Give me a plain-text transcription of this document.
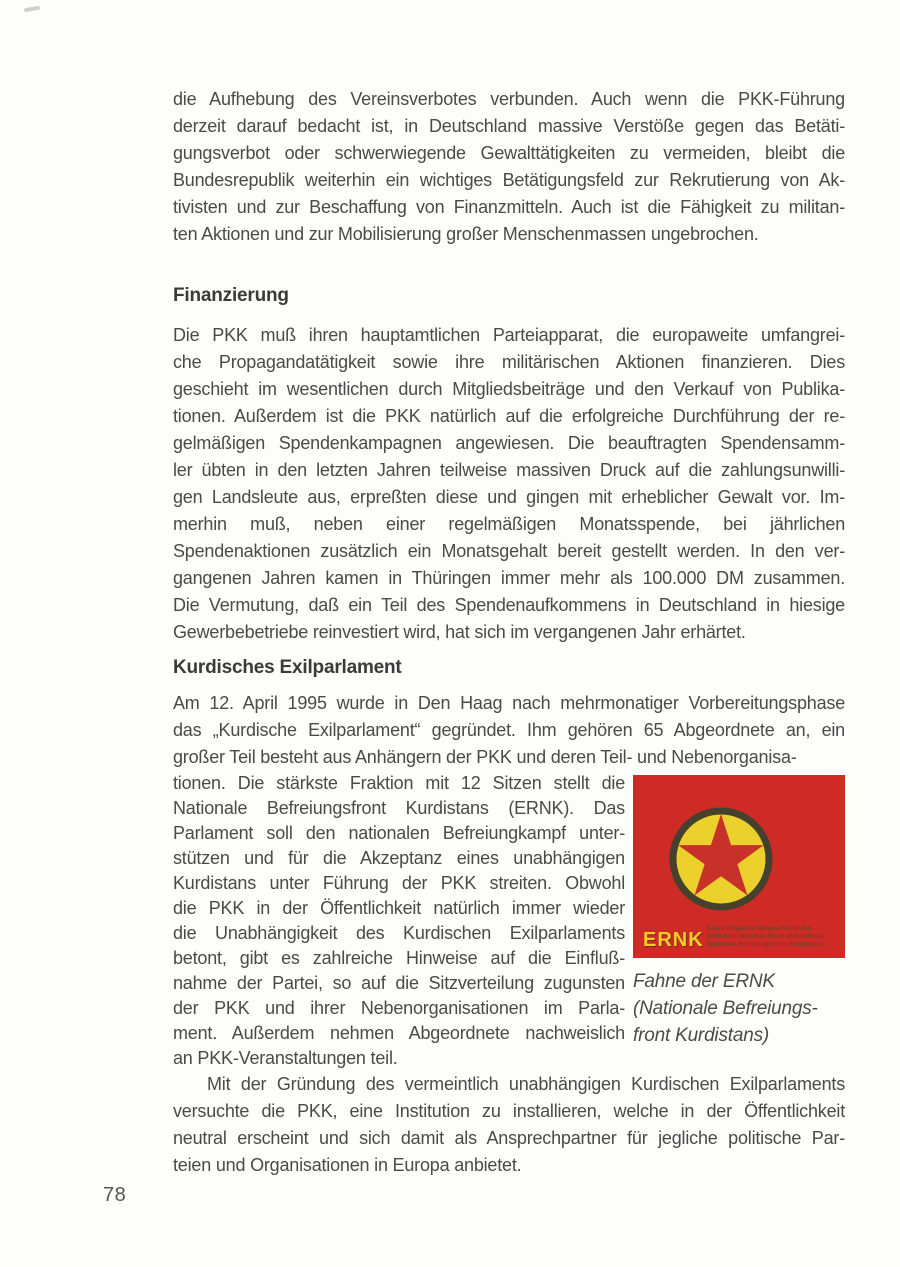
die Aufhebung des Vereinsverbotes verbunden. Auch wenn die PKK-Führung
derzeit darauf bedacht ist, in Deutschland massive Verstöße gegen das Betäti-
gungsverbot oder schwerwiegende Gewalttätigkeiten zu vermeiden, bleibt die
Bundesrepublik weiterhin ein wichtiges Betätigungsfeld zur Rekrutierung von Ak-
tivisten und zur Beschaffung von Finanzmitteln. Auch ist die Fähigkeit zu militan-
ten Aktionen und zur Mobilisierung großer Menschenmassen ungebrochen.
Finanzierung
Die PKK muß ihren hauptamtlichen Parteiapparat, die europaweite umfangrei-
che Propagandatätigkeit sowie ihre militärischen Aktionen finanzieren. Dies
geschieht im wesentlichen durch Mitgliedsbeiträge und den Verkauf von Publika-
tionen. Außerdem ist die PKK natürlich auf die erfolgreiche Durchführung der re-
gelmäßigen Spendenkampagnen angewiesen. Die beauftragten Spendensamm-
ler übten in den letzten Jahren teilweise massiven Druck auf die zahlungsunwilli-
gen Landsleute aus, erpreßten diese und gingen mit erheblicher Gewalt vor. Im-
merhin muß, neben einer regelmäßigen Monatsspende, bei jährlichen
Spendenaktionen zusätzlich ein Monatsgehalt bereit gestellt werden. In den ver-
gangenen Jahren kamen in Thüringen immer mehr als 100.000 DM zusammen.
Die Vermutung, daß ein Teil des Spendenaufkommens in Deutschland in hiesige
Gewerbebetriebe reinvestiert wird, hat sich im vergangenen Jahr erhärtet.
Kurdisches Exilparlament
Am 12. April 1995 wurde in Den Haag nach mehrmonatiger Vorbereitungsphase
das „Kurdische Exilparlament“ gegründet. Ihm gehören 65 Abgeordnete an, ein
großer Teil besteht aus Anhängern der PKK und deren Teil- und Nebenorganisa-
ERNK
Eniya Rizgariya Netewa Kurdistan
National Liberation Front of Kurdistan
Nationale Befreiungsfront Kurdistans
Fahne der ERNK
(Nationale Befreiungs-
front Kurdistans)
tionen. Die stärkste Fraktion mit 12 Sitzen stellt die
Nationale Befreiungsfront Kurdistans (ERNK). Das
Parlament soll den nationalen Befreiungkampf unter-
stützen und für die Akzeptanz eines unabhängigen
Kurdistans unter Führung der PKK streiten. Obwohl
die PKK in der Öffentlichkeit natürlich immer wieder
die Unabhängigkeit des Kurdischen Exilparlaments
betont, gibt es zahlreiche Hinweise auf die Einfluß-
nahme der Partei, so auf die Sitzverteilung zugunsten
der PKK und ihrer Nebenorganisationen im Parla-
ment. Außerdem nehmen Abgeordnete nachweislich
an PKK-Veranstaltungen teil.
Mit der Gründung des vermeintlich unabhängigen Kurdischen Exilparlaments
versuchte die PKK, eine Institution zu installieren, welche in der Öffentlichkeit
neutral erscheint und sich damit als Ansprechpartner für jegliche politische Par-
teien und Organisationen in Europa anbietet.
78
